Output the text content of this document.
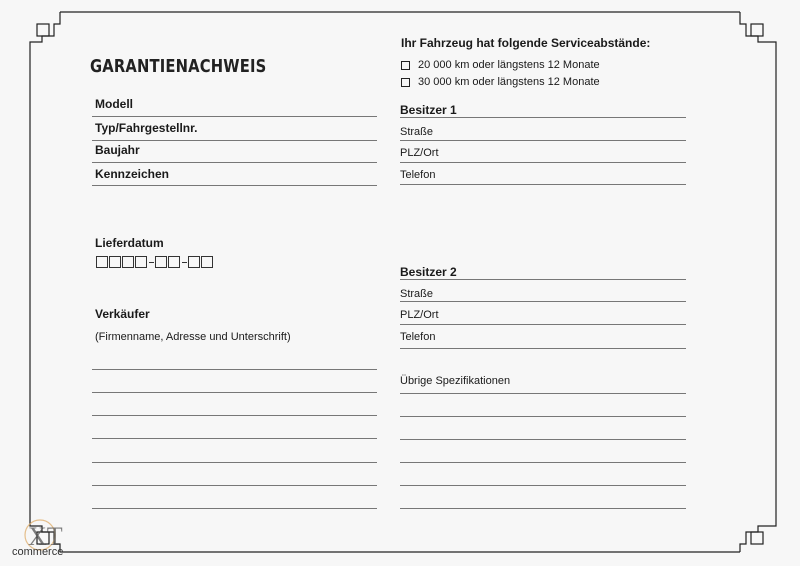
GARANTIENACHWEIS
Modell
Typ/Fahrgestellnr.
Baujahr
Kennzeichen
Lieferdatum
Verkäufer
(Firmenname, Adresse und Unterschrift)
Ihr Fahrzeug hat folgende Serviceabstände:
20 000 km oder längstens 12 Monate
30 000 km oder längstens 12 Monate
Besitzer 1
Straße
PLZ/Ort
Telefon
Besitzer 2
Straße
PLZ/Ort
Telefon
Übrige Spezifikationen
XT
commerce
